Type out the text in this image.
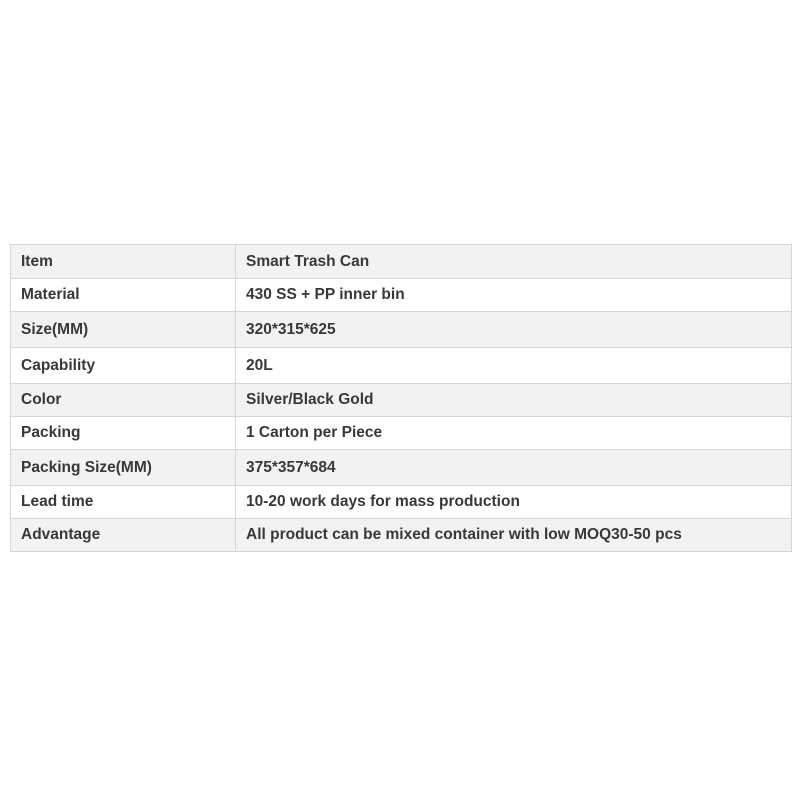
Item	Smart Trash Can
Material	430 SS + PP inner bin
Size(MM)	320*315*625
Capability	20L
Color	Silver/Black Gold
Packing	1 Carton per Piece
Packing Size(MM)	375*357*684
Lead time	10-20 work days for mass production
Advantage	All product can be mixed container with low MOQ30-50 pcs
